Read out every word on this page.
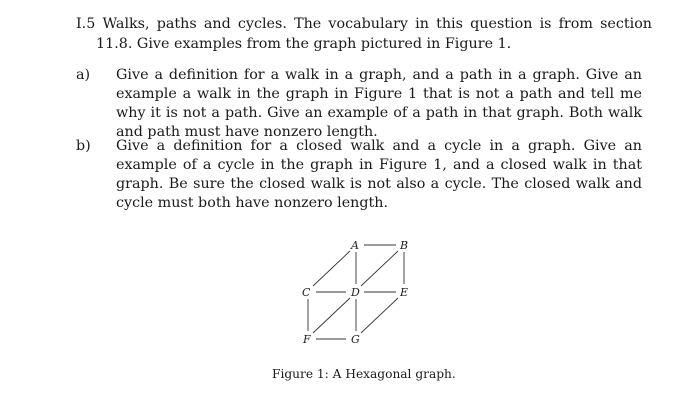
I.5 Walks, paths and cycles. The vocabulary in this question is from section 11.8. Give examples from the graph pictured in Figure 1.
a) Give a definition for a walk in a graph, and a path in a graph. Give an example a walk in the graph in Figure 1 that is not a path and tell me why it is not a path. Give an example of a path in that graph. Both walk and path must have nonzero length.
b) Give a definition for a closed walk and a cycle in a graph. Give an example of a cycle in the graph in Figure 1, and a closed walk in that graph. Be sure the closed walk is not also a cycle. The closed walk and cycle must both have nonzero length.
A	B
C	D	E
F	G
Figure 1: A Hexagonal graph.
